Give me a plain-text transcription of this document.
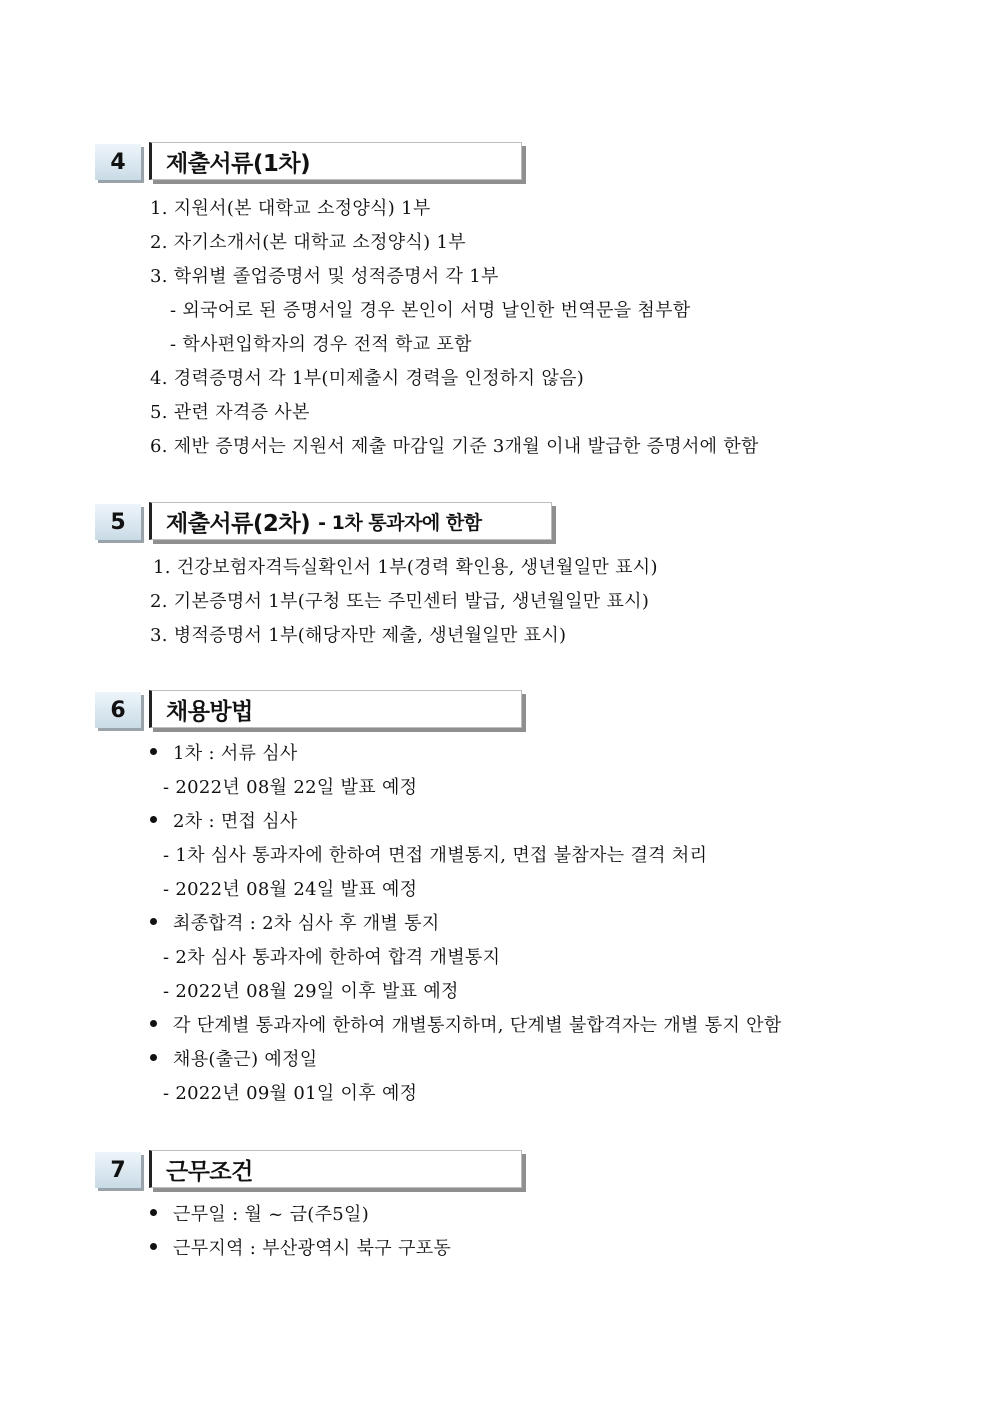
4	제출서류(1차)
1. 지원서(본 대학교 소정양식) 1부
2. 자기소개서(본 대학교 소정양식) 1부
3. 학위별 졸업증명서 및 성적증명서 각 1부
- 외국어로 된 증명서일 경우 본인이 서명 날인한 번역문을 첨부함
- 학사편입학자의 경우 전적 학교 포함
4. 경력증명서 각 1부(미제출시 경력을 인정하지 않음)
5. 관련 자격증 사본
6. 제반 증명서는 지원서 제출 마감일 기준 3개월 이내 발급한 증명서에 한함
5	제출서류(2차) - 1차 통과자에 한함
1. 건강보험자격득실확인서 1부(경력 확인용, 생년월일만 표시)
2. 기본증명서 1부(구청 또는 주민센터 발급, 생년월일만 표시)
3. 병적증명서 1부(해당자만 제출, 생년월일만 표시)
6	채용방법
1차 : 서류 심사
- 2022년 08월 22일 발표 예정
2차 : 면접 심사
- 1차 심사 통과자에 한하여 면접 개별통지, 면접 불참자는 결격 처리
- 2022년 08월 24일 발표 예정
최종합격 : 2차 심사 후 개별 통지
- 2차 심사 통과자에 한하여 합격 개별통지
- 2022년 08월 29일 이후 발표 예정
각 단계별 통과자에 한하여 개별통지하며, 단계별 불합격자는 개별 통지 안함
채용(출근) 예정일
- 2022년 09월 01일 이후 예정
7	근무조건
근무일 : 월 ~ 금(주5일)
근무지역 : 부산광역시 북구 구포동
